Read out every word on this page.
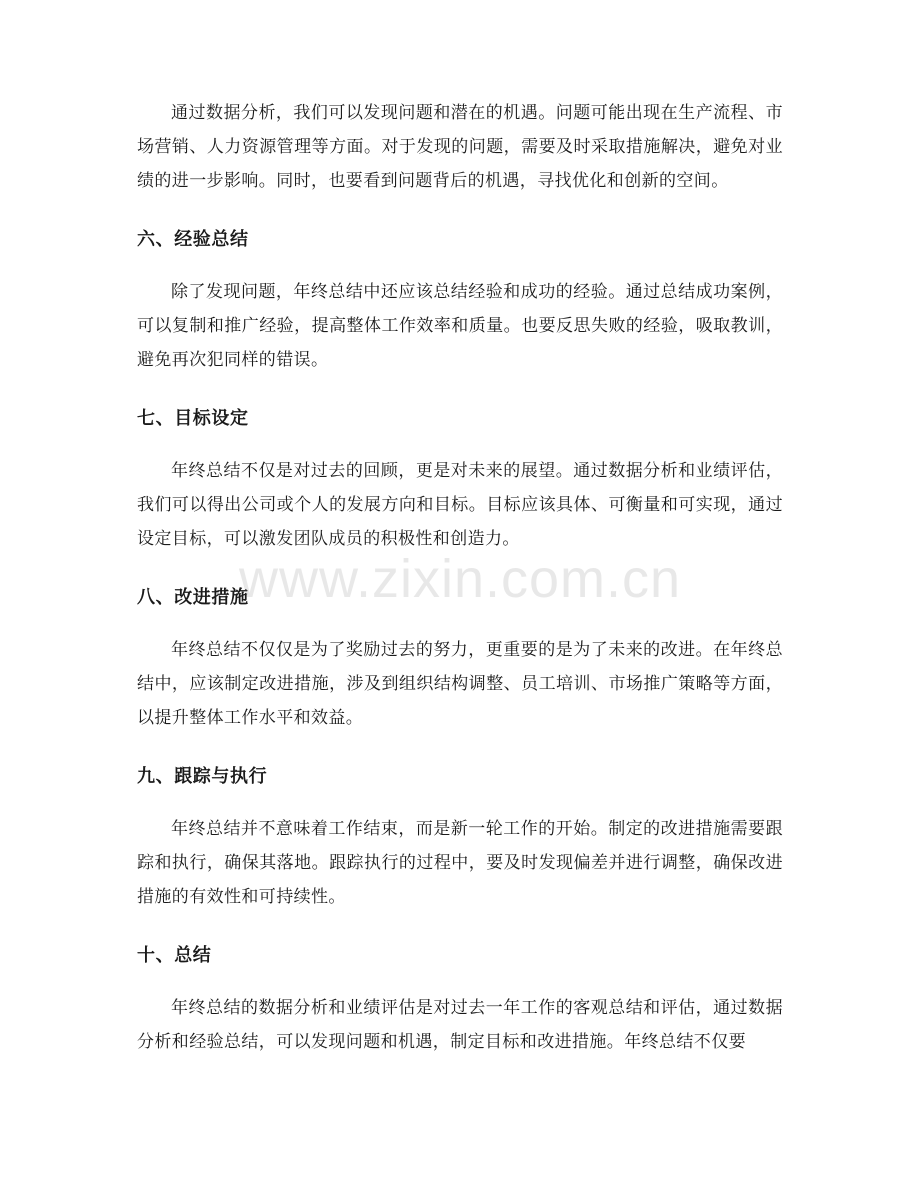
通过数据分析，我们可以发现问题和潜在的机遇。问题可能出现在生产流程、市场营销、人力资源管理等方面。对于发现的问题，需要及时采取措施解决，避免对业绩的进一步影响。同时，也要看到问题背后的机遇，寻找优化和创新的空间。

六、经验总结

除了发现问题，年终总结中还应该总结经验和成功的经验。通过总结成功案例，可以复制和推广经验，提高整体工作效率和质量。也要反思失败的经验，吸取教训，避免再次犯同样的错误。

七、目标设定

年终总结不仅是对过去的回顾，更是对未来的展望。通过数据分析和业绩评估，我们可以得出公司或个人的发展方向和目标。目标应该具体、可衡量和可实现，通过设定目标，可以激发团队成员的积极性和创造力。

八、改进措施

年终总结不仅仅是为了奖励过去的努力，更重要的是为了未来的改进。在年终总结中，应该制定改进措施，涉及到组织结构调整、员工培训、市场推广策略等方面，以提升整体工作水平和效益。

九、跟踪与执行

年终总结并不意味着工作结束，而是新一轮工作的开始。制定的改进措施需要跟踪和执行，确保其落地。跟踪执行的过程中，要及时发现偏差并进行调整，确保改进措施的有效性和可持续性。

十、总结

年终总结的数据分析和业绩评估是对过去一年工作的客观总结和评估，通过数据分析和经验总结，可以发现问题和机遇，制定目标和改进措施。年终总结不仅要

www.zixin.com.cn
